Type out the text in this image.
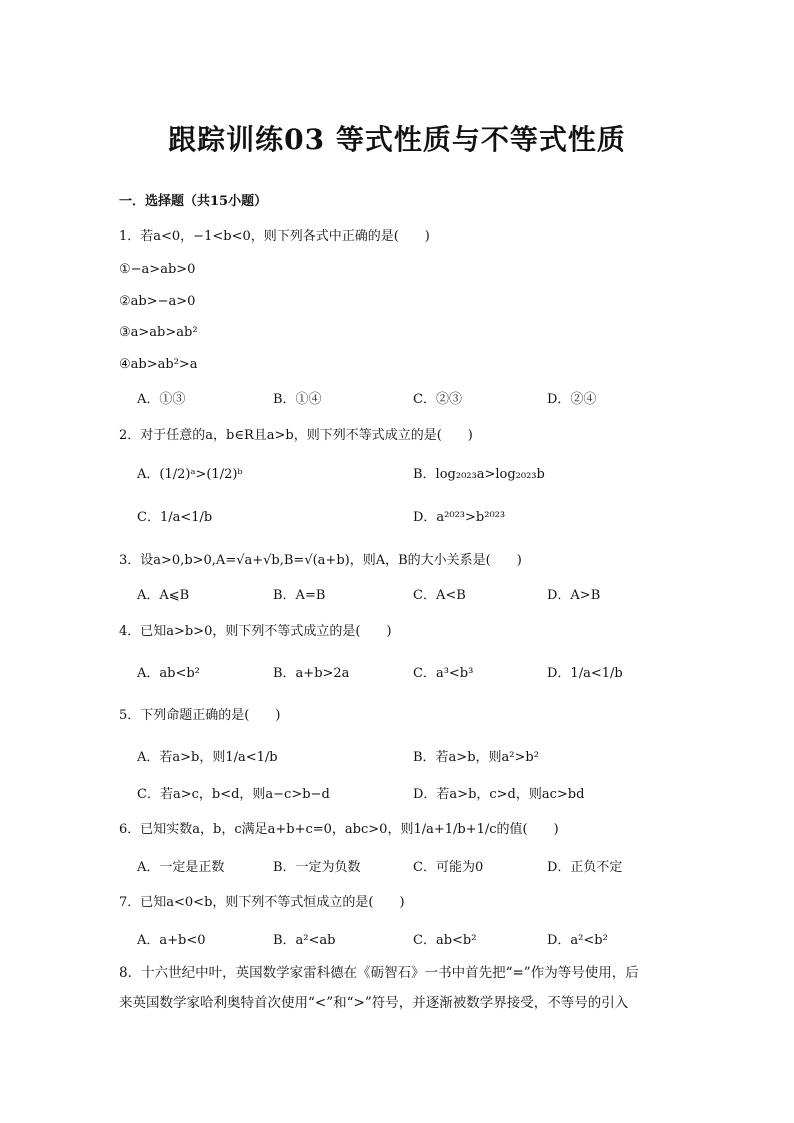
跟踪训练03 等式性质与不等式性质
一．选择题（共15小题）
1．若a<0，−1<b<0，则下列各式中正确的是(　　)
①−a>ab>0
②ab>−a>0
③a>ab>ab²
④ab>ab²>a
A．①③	B．①④	C．②③	D．②④
2．对于任意的a，b∈R且a>b，则下列不等式成立的是(　　)
A．(1/2)ᵃ>(1/2)ᵇ	B．log₂₀₂₃a>log₂₀₂₃b
C．1/a<1/b	D．a²⁰²³>b²⁰²³
3．设a>0,b>0,A=√a+√b,B=√(a+b)，则A，B的大小关系是(　　)
A．A⩽B	B．A=B	C．A<B	D．A>B
4．已知a>b>0，则下列不等式成立的是(　　)
A．ab<b²	B．a+b>2a	C．a³<b³	D．1/a<1/b
5．下列命题正确的是(　　)
A．若a>b，则1/a<1/b	B．若a>b，则a²>b²
C．若a>c，b<d，则a−c>b−d	D．若a>b，c>d，则ac>bd
6．已知实数a，b，c满足a+b+c=0，abc>0，则1/a+1/b+1/c的值(　　)
A．一定是正数	B．一定为负数	C．可能为0	D．正负不定
7．已知a<0<b，则下列不等式恒成立的是(　　)
A．a+b<0	B．a²<ab	C．ab<b²	D．a²<b²
8．十六世纪中叶，英国数学家雷科德在《砺智石》一书中首先把“=”作为等号使用，后
来英国数学家哈利奥特首次使用“<”和“>”符号，并逐渐被数学界接受，不等号的引入
